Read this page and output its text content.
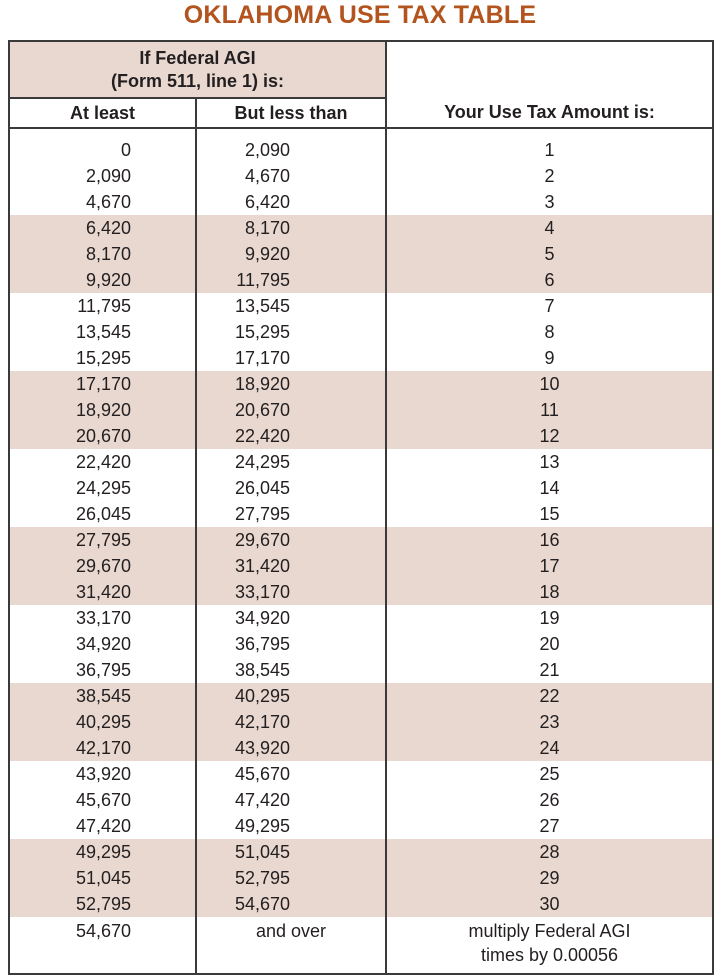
OKLAHOMA USE TAX TABLE
If Federal AGI
(Form 511, line 1) is:		Your Use Tax Amount is:
At least	But less than	

0	2,090	1
2,090	4,670	2
4,670	6,420	3
6,420	8,170	4
8,170	9,920	5
9,920	11,795	6
11,795	13,545	7
13,545	15,295	8
15,295	17,170	9
17,170	18,920	10
18,920	20,670	11
20,670	22,420	12
22,420	24,295	13
24,295	26,045	14
26,045	27,795	15
27,795	29,670	16
29,670	31,420	17
31,420	33,170	18
33,170	34,920	19
34,920	36,795	20
36,795	38,545	21
38,545	40,295	22
40,295	42,170	23
42,170	43,920	24
43,920	45,670	25
45,670	47,420	26
47,420	49,295	27
49,295	51,045	28
51,045	52,795	29
52,795	54,670	30
54,670	and over	multiply Federal AGI
times by 0.00056
